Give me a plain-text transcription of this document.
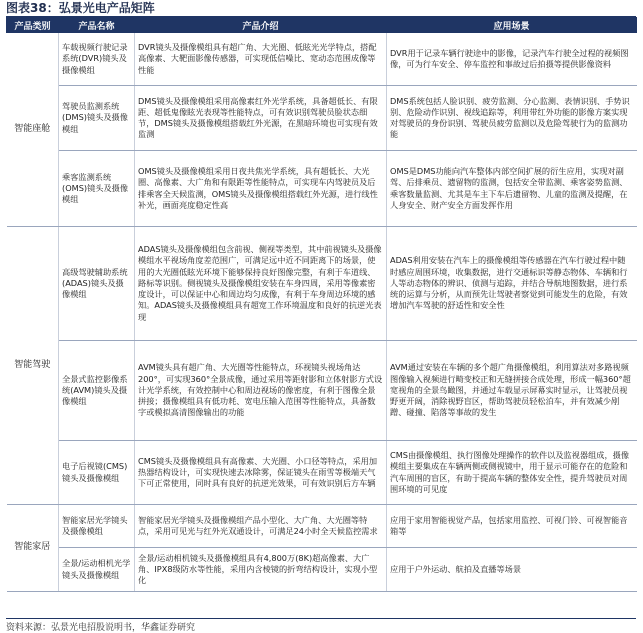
图表38：弘景光电产品矩阵
产品类别	产品名称	产品介绍	应用场景
智能座舱	车载视频行驶记录系统(DVR)镜头及摄像模组	DVR镜头及摄像模组具有超广角、大光圈、低眩光光学特点，搭配高像素、大靶面影像传感器，可实现低信噪比、宽动态范围成像等性能	DVR用于记录车辆行驶途中的影像，记录汽车行驶全过程的视频图像，可为行车安全、停车监控和事故过后拍摄等提供影像资料
	驾驶员监测系统(DMS)镜头及摄像模组	DMS镜头及摄像模组采用高像素红外光学系统，具备超低长、有限距、超低鬼像眩光表现等性能特点，可有效识别驾驶员脸状态细节，DMS镜头及摄像模组搭载红外光源，在黑暗环境也可实现有效监测	DMS系统包括人脸识别、疲劳监测、分心监测、表情识别、手势识别、危险动作识别、视线追踪等，利用带红外功能的影像方案实现对驾驶员的身份识别、驾驶员疲劳监测以及危险驾驶行为的监测功能
	乘客监测系统(OMS)镜头及摄像模组	OMS镜头及摄像模组采用日夜共焦光学系统，具有超低长、大光圈、高像素、大广角和有限距等性能特点，可实现车内驾驶员及后排乘客全天候监测，OMS镜头及摄像模组搭载红外光源，进行线性补光，画面亮度稳定性高	OMS是DMS功能向汽车整体内部空间扩展的衍生应用，实现对副驾、后排乘员、遗留物的监测，包括安全带监测、乘客姿势监测、乘客数量监测、尤其是车主下车后遗留物、儿童的监测及提醒，在人身安全、财产安全方面发挥作用
智能驾驶	高级驾驶辅助系统(ADAS)镜头及摄像模组	ADAS镜头及摄像模组包含前视、侧视等类型，其中前视镜头及摄像模组水平视场角度差范围广，可满足远中近不同距离下的场景，使用的大光圈低眩光环境下能够保持良好图像完整，有利于车道线、路标等识别。侧视镜头及摄像模组安装在车身四周，采用等像素密度设计，可以保证中心和周边均匀成像，有利于车身周边环境的感知。ADAS镜头及摄像模组具有超宽工作环境温度和良好的抗逆光表现	ADAS利用安装在汽车上的摄像模组等传感器在汽车行驶过程中随时感应周围环境，收集数据，进行交通标识等静态物体、车辆和行人等动态物体的辨识、侦测与追踪，并结合导航地图数据，进行系统的运算与分析，从而预先让驾驶者察觉到可能发生的危险，有效增加汽车驾驶的舒适性和安全性
	全景式监控影像系统(AVM)镜头及摄像模组	AVM镜头具有超广角、大光圈等性能特点，环视镜头视场角达200°，可实现360°全景成像，通过采用等距射影和立体射影方式设计光学系统，有效控制中心和周边视场的像密度，有利于图像全景拼接；摄像模组具有低功耗、宽电压输入范围等性能特点，具备数字或模拟高清图像输出的功能	AVM通过安装在车辆的多个超广角摄像模组，利用算法对多路视频图像输入视频进行畸变校正和无缝拼接合成处理，形成一幅360°超宽视角的全景鸟瞰图，并通过车载显示屏幕实时显示，让驾驶员视野更开阔，消除视野盲区，帮助驾驶员轻松泊车，并有效减少剐蹭、碰撞、陷落等事故的发生
	电子后视镜(CMS)镜头及摄像模组	CMS镜头及摄像模组具有高像素、大光圈、小口径等特点，采用加热器结构设计，可实现快速去冰除雾，保证镜头在雨雪等极端天气下可正常使用，同时具有良好的抗逆光效果，可有效识别后方车辆	CMS由摄像模组、执行图像处理操作的软件以及监视器组成，摄像模组主要集成在车辆两侧或侧视镜中，用于显示可能存在的危险和汽车周围的盲区，有助于提高车辆的整体安全性，提升驾驶员对周围环境的可见度
智能家居	智能家居光学镜头及摄像模组	智能家居光学镜头及摄像模组产品小型化、大广角、大光圈等特点，采用可见光与红外光双通设计，可满足24小时全天候监控需求	应用于家用智能视觉产品，包括家用监控、可视门铃、可视智能音箱等
	全景/运动相机光学镜头及摄像模组	全景/运动相机镜头及摄像模组具有4,800万(8K)超高像素、大广角、IPX8级防水等性能，采用内含棱镜的折弯结构设计，实现小型化	应用于户外运动、航拍及直播等场景
资料来源：弘景光电招股说明书，华鑫证券研究
